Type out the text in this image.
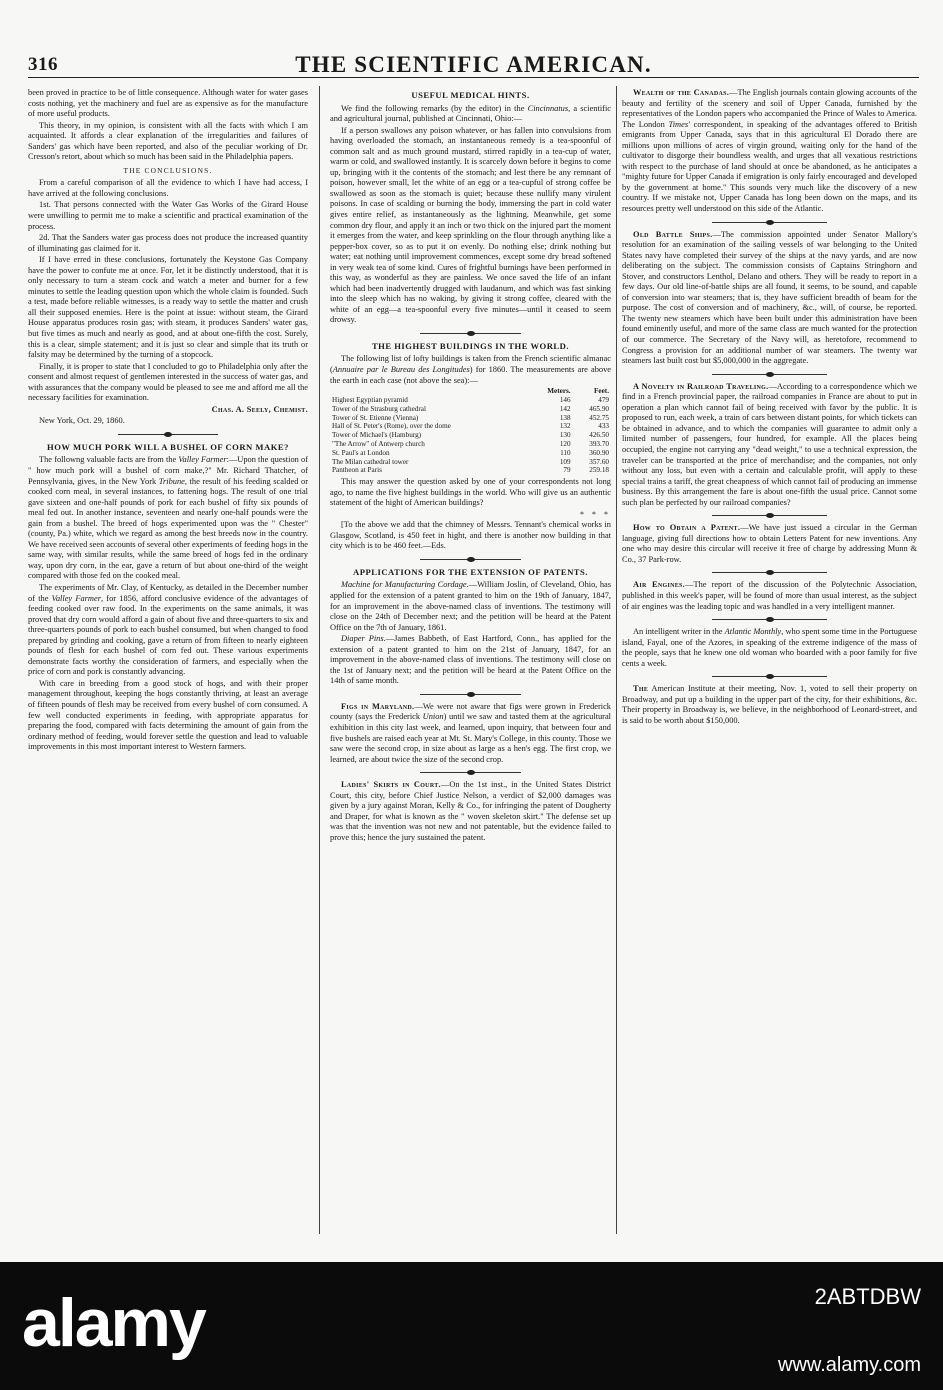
316	THE SCIENTIFIC AMERICAN.

been proved in practice to be of little consequence. Although water for water gases costs nothing, yet the machinery and fuel are as expensive as for the manufacture of more useful products.

This theory, in my opinion, is consistent with all the facts with which I am acquainted. It affords a clear explanation of the irregularities and failures of Sanders' gas which have been reported, and also of the peculiar working of Dr. Cresson's retort, about which so much has been said in the Philadelphia papers.

THE CONCLUSIONS.

From a careful comparison of all the evidence to which I have had access, I have arrived at the following conclusions.

1st. That persons connected with the Water Gas Works of the Girard House were unwilling to permit me to make a scientific and practical examination of the process.

2d. That the Sanders water gas process does not produce the increased quantity of illuminating gas claimed for it.

If I have erred in these conclusions, fortunately the Keystone Gas Company have the power to confute me at once. For, let it be distinctly understood, that it is only necessary to turn a steam cock and watch a meter and burner for a few minutes to settle the leading question upon which the whole claim is founded. Such a test, made before reliable witnesses, is a ready way to settle the matter and crush all their supposed enemies. Here is the point at issue: without steam, the Girard House apparatus produces rosin gas; with steam, it produces Sanders' water gas, but five times as much and nearly as good, and at about one-fifth the cost. Surely, this is a clear, simple statement; and it is just so clear and simple that its truth or falsity may be determined by the turning of a stopcock.

Finally, it is proper to state that I concluded to go to Philadelphia only after the consent and almost request of gentlemen interested in the success of water gas, and with assurances that the company would be pleased to see me and afford me all the necessary facilities for examination.

Chas. A. Seely, Chemist.

New York, Oct. 29, 1860.

HOW MUCH PORK WILL A BUSHEL OF CORN MAKE?

The followng valuable facts are from the Valley Farmer:—Upon the question of " how much pork will a bushel of corn make,?" Mr. Richard Thatcher, of Pennsylvania, gives, in the New York Tribune, the result of his feeding scalded or cooked corn meal, in several instances, to fattening hogs. The result of one trial gave sixteen and one-half pounds of pork for each bushel of fifty six pounds of meal fed out. In another instance, seventeen and nearly one-half pounds were the gain from a bushel. The breed of hogs experimented upon was the " Chester" (county, Pa.) white, which we regard as among the best breeds now in the country. We have received seen accounts of several other experiments of feeding hogs in the same way, with similar results, while the same breed of hogs fed in the ordinary way, upon dry corn, in the ear, gave a return of but about one-third of the weight compared with those fed on the cooked meal.

The experiments of Mr. Clay, of Kentucky, as detailed in the December number of the Valley Farmer, for 1856, afford conclusive evidence of the advantages of feeding cooked over raw food. In the experiments on the same animals, it was proved that dry corn would afford a gain of about five and three-quarters to six and three-quarters pounds of pork to each bushel consumed, but when changed to food prepared by grinding and cooking, gave a return of from fifteen to nearly eighteen pounds of flesh for each bushel of corn fed out. These various experiments demonstrate facts worthy the consideration of farmers, and especially when the price of corn and pork is constantly advancing.

With care in breeding from a good stock of hogs, and with their proper management throughout, keeping the hogs constantly thriving, at least an average of fifteen pounds of flesh may be received from every bushel of corn consumed. A few well conducted experiments in feeding, with appropriate apparatus for preparing the food, compared with facts determining the amount of gain from the ordinary method of feeding, would forever settle the question and lead to valuable improvements in this most important interest to Western farmers.

USEFUL MEDICAL HINTS.

We find the following remarks (by the editor) in the Cincinnatus, a scientific and agricultural journal, published at Cincinnati, Ohio:—

If a person swallows any poison whatever, or has fallen into convulsions from having overloaded the stomach, an instantaneous remedy is a tea-spoonful of common salt and as much ground mustard, stirred rapidly in a tea-cup of water, warm or cold, and swallowed instantly. It is scarcely down before it begins to come up, bringing with it the contents of the stomach; and lest there be any remnant of poison, however small, let the white of an egg or a tea-cupful of strong coffee be swallowed as soon as the stomach is quiet; because these nullify many virulent poisons. In case of scalding or burning the body, immersing the part in cold water gives entire relief, as instantaneously as the lightning. Meanwhile, get some common dry flour, and apply it an inch or two thick on the injured part the moment it emerges from the water, and keep sprinkling on the flour through anything like a pepper-box cover, so as to put it on evenly. Do nothing else; drink nothing but water; eat nothing until improvement commences, except some dry bread softened in very weak tea of some kind. Cures of frightful burnings have been performed in this way, as wonderful as they are painless. We once saved the life of an infant which had been inadvertently drugged with laudanum, and which was fast sinking into the sleep which has no waking, by giving it strong coffee, cleared with the white of an egg—a tea-spoonful every five minutes—until it ceased to seem drowsy.

THE HIGHEST BUILDINGS IN THE WORLD.

The following list of lofty buildings is taken from the French scientific almanac (Annuaire par le Bureau des Longitudes) for 1860. The measurements are above the earth in each case (not above the sea):—

	Meters.	Feet.
Highest Egyptian pyramid	146	479
Tower of the Strasburg cathedral	142	465.90
Tower of St. Etienne (Vienna)	138	452.75
Hall of St. Peter's (Rome), over the dome	132	433
Tower of Michael's (Hamburg)	130	426.50
"The Arrow" of Antwerp church	120	393.70
St. Paul's at London	110	360.90
The Milan cathedral tower	109	357.60
Pantheon at Paris	79	259.18

This may answer the question asked by one of your correspondents not long ago, to name the five highest buildings in the world. Who will give us an authentic statement of the hight of American buildings?

* * *

[To the above we add that the chimney of Messrs. Tennant's chemical works in Glasgow, Scotland, is 450 feet in hight, and there is another now building in that city which is to be 460 feet.—Eds.

APPLICATIONS FOR THE EXTENSION OF PATENTS.

Machine for Manufacturing Cordage.—William Joslin, of Cleveland, Ohio, has applied for the extension of a patent granted to him on the 19th of January, 1847, for an improvement in the above-named class of inventions. The testimony will close on the 24th of December next; and the petition will be heard at the Patent Office on the 7th of January, 1861.

Diaper Pins.—James Babbeth, of East Hartford, Conn., has applied for the extension of a patent granted to him on the 21st of January, 1847, for an improvement in the above-named class of inventions. The testimony will close on the 1st of January next; and the petition will be heard at the Patent Office on the 14th of same month.

Figs in Maryland.—We were not aware that figs were grown in Frederick county (says the Frederick Union) until we saw and tasted them at the agricultural exhibition in this city last week, and learned, upon inquiry, that between four and five bushels are raised each year at Mt. St. Mary's College, in this county. Those we saw were the second crop, in size about as large as a hen's egg. The first crop, we learned, are about twice the size of the second crop.

Ladies' Skirts in Court.—On the 1st inst., in the United States District Court, this city, before Chief Justice Nelson, a verdict of $2,000 damages was given by a jury against Moran, Kelly & Co., for infringing the patent of Dougherty and Draper, for what is known as the " woven skeleton skirt." The defense set up was that the invention was not new and not patentable, but the evidence failed to prove this; hence the jury sustained the patent.

Wealth of the Canadas.—The English journals contain glowing accounts of the beauty and fertility of the scenery and soil of Upper Canada, furnished by the representatives of the London papers who accompanied the Prince of Wales to America. The London Times' correspondent, in speaking of the advantages offered to British emigrants from Upper Canada, says that in this agricultural El Dorado there are millions upon millions of acres of virgin ground, waiting only for the hand of the cultivator to disgorge their boundless wealth, and urges that all vexatious restrictions with respect to the purchase of land should at once be abandoned, as he anticipates a "mighty future for Upper Canada if emigration is only fairly encouraged and developed by the government at home." This sounds very much like the discovery of a new country. If we mistake not, Upper Canada has long been down on the maps, and its resources pretty well understood on this side of the Atlantic.

Old Battle Ships.—The commission appointed under Senator Mallory's resolution for an examination of the sailing vessels of war belonging to the United States navy have completed their survey of the ships at the navy yards, and are now deliberating on the subject. The commission consists of Captains Stringhorn and Stover, and constructors Lenthol, Delano and others. They will be ready to report in a few days. Our old line-of-battle ships are all found, it seems, to be sound, and capable of conversion into war steamers; that is, they have sufficient breadth of beam for the purpose. The cost of conversion and of machinery, &c., will, of course, be reported. The twenty new steamers which have been built under this administration have been found eminently useful, and more of the same class are much wanted for the protection of our commerce. The Secretary of the Navy will, as heretofore, recommend to Congress a provision for an additional number of war steamers. The twenty war steamers last built cost but $5,000,000 in the aggregate.

A Novelty in Railroad Traveling.—According to a correspondence which we find in a French provincial paper, the railroad companies in France are about to put in operation a plan which cannot fail of being received with favor by the public. It is proposed to run, each week, a train of cars between distant points, for which tickets can be obtained in advance, and to which the companies will guarantee to admit only a limited number of passengers, four hundred, for example. All the places being occupied, the engine not carrying any "dead weight," to use a technical expression, the traveler can be transported at the price of merchandise; and the companies, not only without any loss, but even with a certain and calculable profit, will apply to these special trains a tariff, the great cheapness of which cannot fail of producing an immense business. By this arrangement the fare is about one-fifth the usual price. Cannot some such plan be perfected by our railroad companies?

How to Obtain a Patent.—We have just issued a circular in the German language, giving full directions how to obtain Letters Patent for new inventions. Any one who may desire this circular will receive it free of charge by addressing Munn & Co., 37 Park-row.

Air Engines.—The report of the discussion of the Polytechnic Association, published in this week's paper, will be found of more than usual interest, as the subject of air engines was the leading topic and was handled in a very intelligent manner.

An intelligent writer in the Atlantic Monthly, who spent some time in the Portuguese island, Fayal, one of the Azores, in speaking of the extreme indigence of the mass of the people, says that he knew one old woman who boarded with a poor family for five cents a week.

The American Institute at their meeting, Nov. 1, voted to sell their property on Broadway, and put up a building in the upper part of the city, for their exhibitions, &c. Their property in Broadway is, we believe, in the neighborhood of Leonard-street, and is said to be worth about $150,000.

alamy	2ABTDBW
www.alamy.com
